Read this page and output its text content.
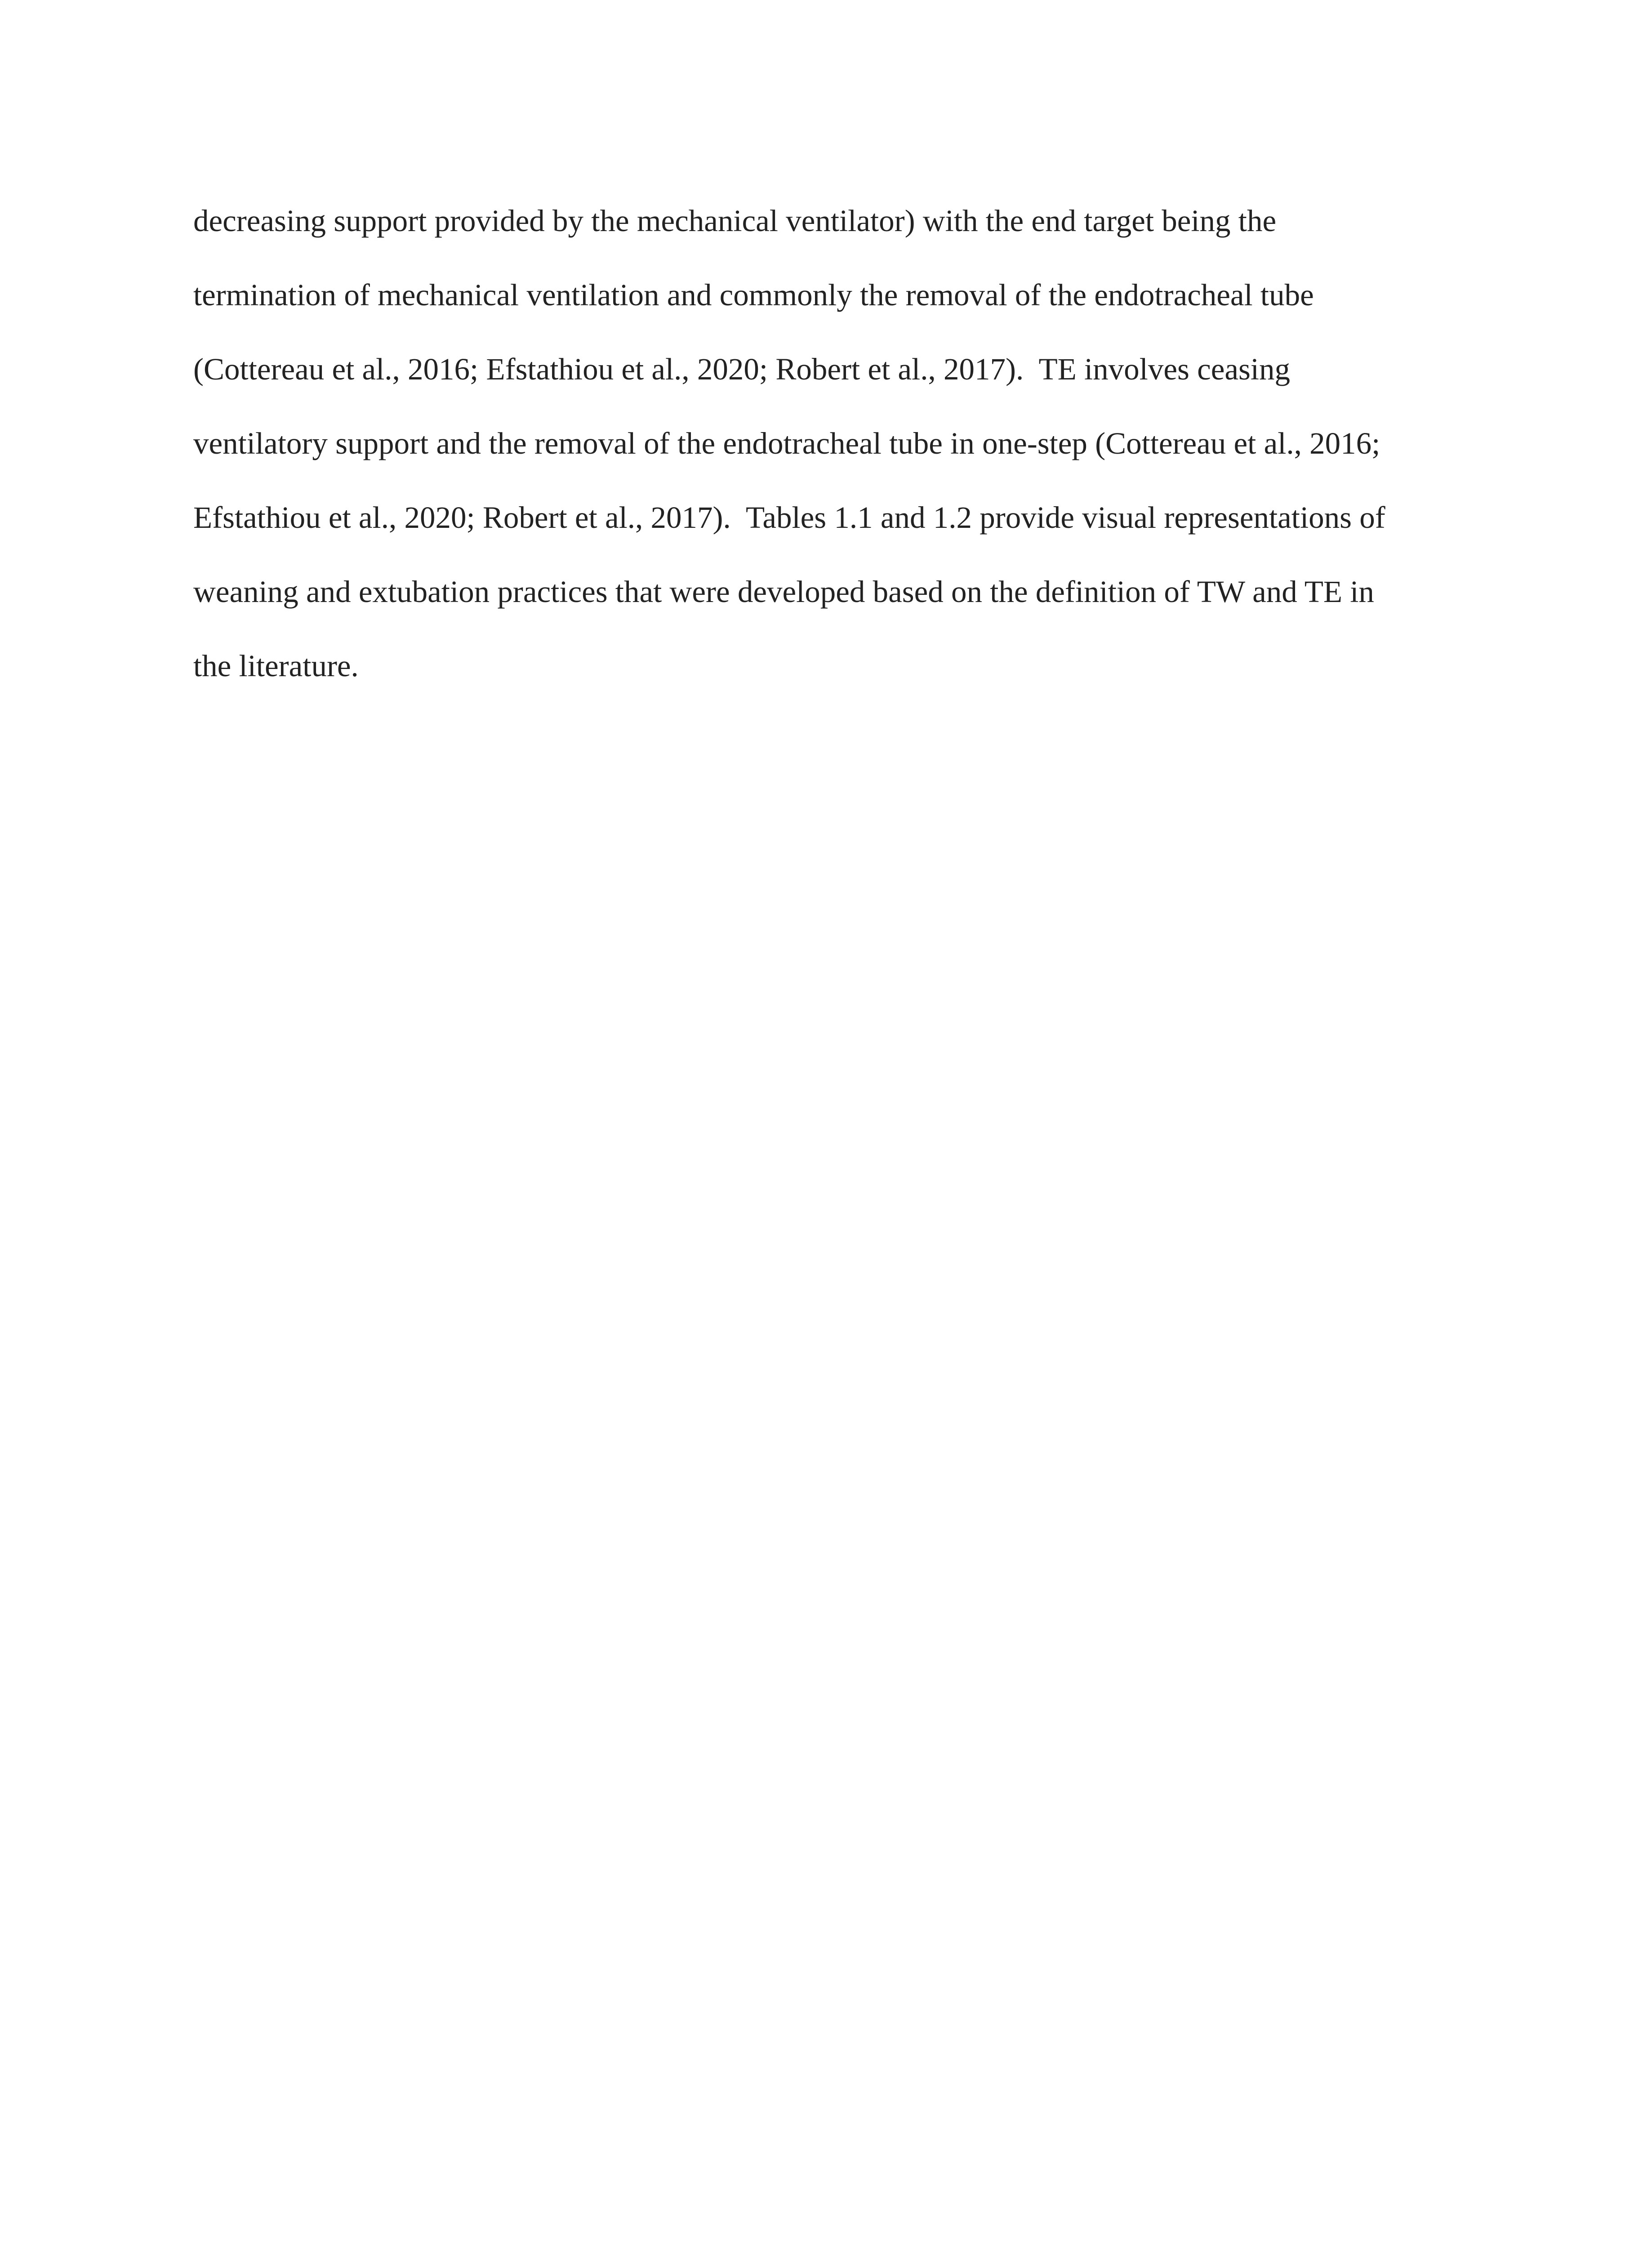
decreasing support provided by the mechanical ventilator) with the end target being the
termination of mechanical ventilation and commonly the removal of the endotracheal tube
(Cottereau et al., 2016; Efstathiou et al., 2020; Robert et al., 2017).  TE involves ceasing
ventilatory support and the removal of the endotracheal tube in one-step (Cottereau et al., 2016;
Efstathiou et al., 2020; Robert et al., 2017).  Tables 1.1 and 1.2 provide visual representations of
weaning and extubation practices that were developed based on the definition of TW and TE in
the literature.
